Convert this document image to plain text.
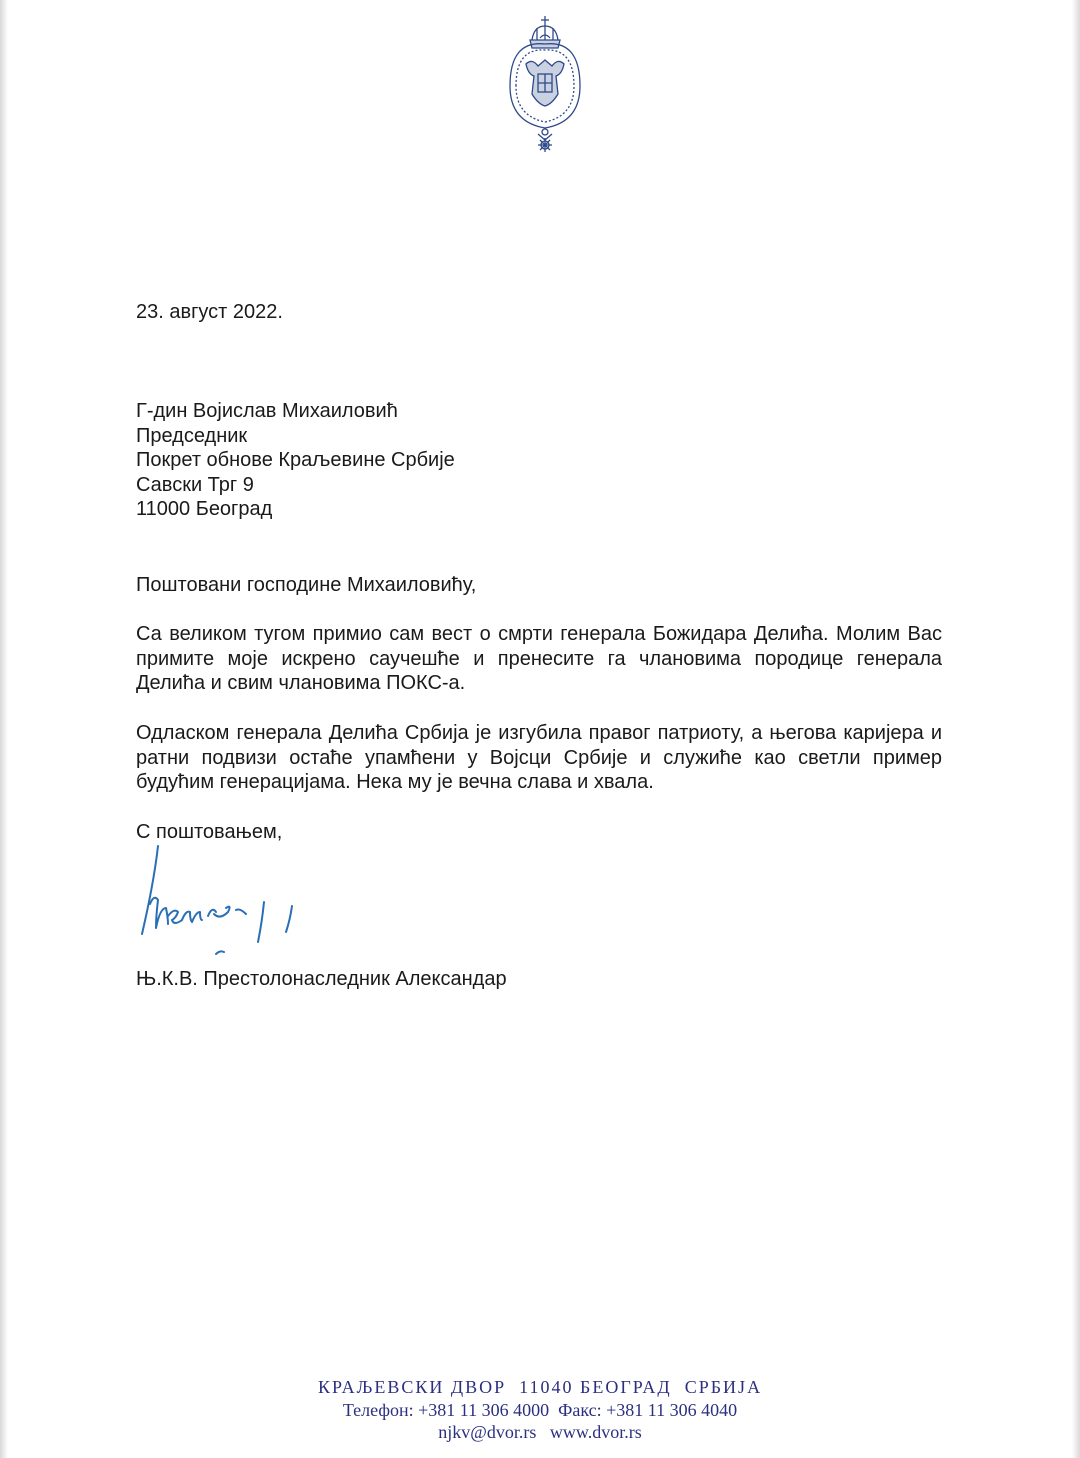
23. август 2022.
Г-дин Војислав Михаиловић
Председник
Покрет обнове Краљевине Србије
Савски Трг 9
11000 Београд
Поштовани господине Михаиловићу,
Са великом тугом примио сам вест о смрти генерала Божидара Делића. Молим Вас примите моје искрено саучешће и пренесите га члановима породице генерала Делића и свим члановима ПОКС-а.
Одласком генерала Делића Србија је изгубила правог патриоту, а његова каријера и ратни подвизи остаће упамћени у Војсци Србије и служиће као светли пример будућим генерацијама. Нека му је вечна слава и хвала.
С поштовањем,
Њ.К.В. Престолонаследник Александар
КРАЉЕВСКИ ДВОР  11040 БЕОГРАД  СРБИЈА
Телефон: +381 11 306 4000  Факс: +381 11 306 4040
njkv@dvor.rs   www.dvor.rs
